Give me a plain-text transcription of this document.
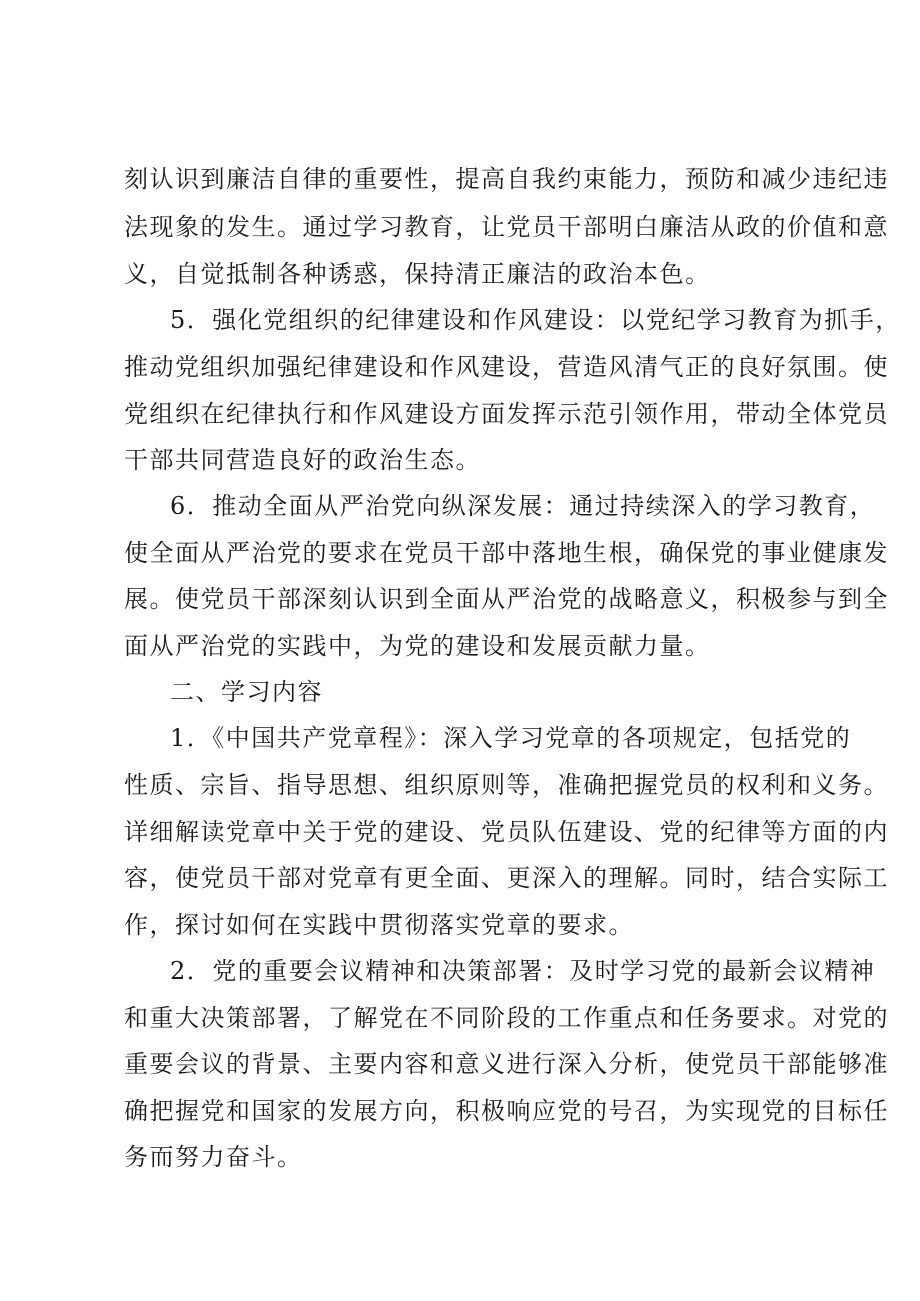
刻认识到廉洁自律的重要性，提高自我约束能力，预防和减少违纪违
法现象的发生。通过学习教育，让党员干部明白廉洁从政的价值和意
义，自觉抵制各种诱惑，保持清正廉洁的政治本色。
5．强化党组织的纪律建设和作风建设：以党纪学习教育为抓手，
推动党组织加强纪律建设和作风建设，营造风清气正的良好氛围。使
党组织在纪律执行和作风建设方面发挥示范引领作用，带动全体党员
干部共同营造良好的政治生态。
6．推动全面从严治党向纵深发展：通过持续深入的学习教育，
使全面从严治党的要求在党员干部中落地生根，确保党的事业健康发
展。使党员干部深刻认识到全面从严治党的战略意义，积极参与到全
面从严治党的实践中，为党的建设和发展贡献力量。
二、学习内容
1．《中国共产党章程》：深入学习党章的各项规定，包括党的
性质、宗旨、指导思想、组织原则等，准确把握党员的权利和义务。
详细解读党章中关于党的建设、党员队伍建设、党的纪律等方面的内
容，使党员干部对党章有更全面、更深入的理解。同时，结合实际工
作，探讨如何在实践中贯彻落实党章的要求。
2．党的重要会议精神和决策部署：及时学习党的最新会议精神
和重大决策部署，了解党在不同阶段的工作重点和任务要求。对党的
重要会议的背景、主要内容和意义进行深入分析，使党员干部能够准
确把握党和国家的发展方向，积极响应党的号召，为实现党的目标任
务而努力奋斗。
